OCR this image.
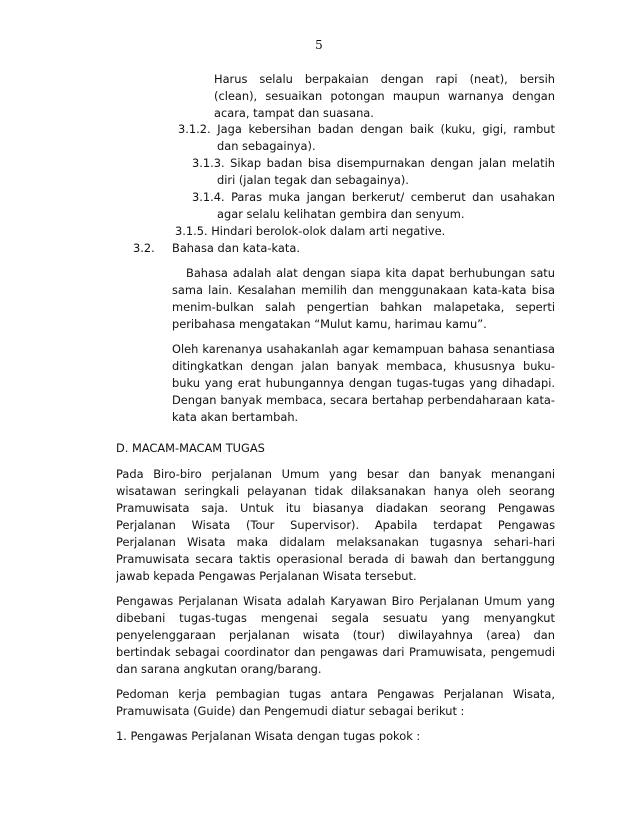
5
Harus selalu berpakaian dengan rapi (neat), bersih
(clean), sesuaikan potongan maupun warnanya dengan
acara, tampat dan suasana.
3.1.2. Jaga kebersihan badan dengan baik (kuku, gigi, rambut
dan sebagainya).
3.1.3. Sikap badan bisa disempurnakan dengan jalan melatih
diri (jalan tegak dan sebagainya).
3.1.4. Paras muka jangan berkerut/ cemberut dan usahakan
agar selalu kelihatan gembira dan senyum.
3.1.5. Hindari berolok-olok dalam arti negative.
3.2. Bahasa dan kata-kata.
Bahasa adalah alat dengan siapa kita dapat berhubungan satu
sama lain. Kesalahan memilih dan menggunakaan kata-kata bisa
menim-bulkan salah pengertian bahkan malapetaka, seperti
peribahasa mengatakan “Mulut kamu, harimau kamu”.
Oleh karenanya usahakanlah agar kemampuan bahasa senantiasa
ditingkatkan dengan jalan banyak membaca, khususnya buku-
buku yang erat hubungannya dengan tugas-tugas yang dihadapi.
Dengan banyak membaca, secara bertahap perbendaharaan kata-
kata akan bertambah.
D. MACAM-MACAM TUGAS
Pada Biro-biro perjalanan Umum yang besar dan banyak menangani
wisatawan seringkali pelayanan tidak dilaksanakan hanya oleh seorang
Pramuwisata saja. Untuk itu biasanya diadakan seorang Pengawas
Perjalanan Wisata (Tour Supervisor). Apabila terdapat Pengawas
Perjalanan Wisata maka didalam melaksanakan tugasnya sehari-hari
Pramuwisata secara taktis operasional berada di bawah dan bertanggung
jawab kepada Pengawas Perjalanan Wisata tersebut.
Pengawas Perjalanan Wisata adalah Karyawan Biro Perjalanan Umum yang
dibebani tugas-tugas mengenai segala sesuatu yang menyangkut
penyelenggaraan perjalanan wisata (tour) diwilayahnya (area) dan
bertindak sebagai coordinator dan pengawas dari Pramuwisata, pengemudi
dan sarana angkutan orang/barang.
Pedoman kerja pembagian tugas antara Pengawas Perjalanan Wisata,
Pramuwisata (Guide) dan Pengemudi diatur sebagai berikut :
1. Pengawas Perjalanan Wisata dengan tugas pokok :
